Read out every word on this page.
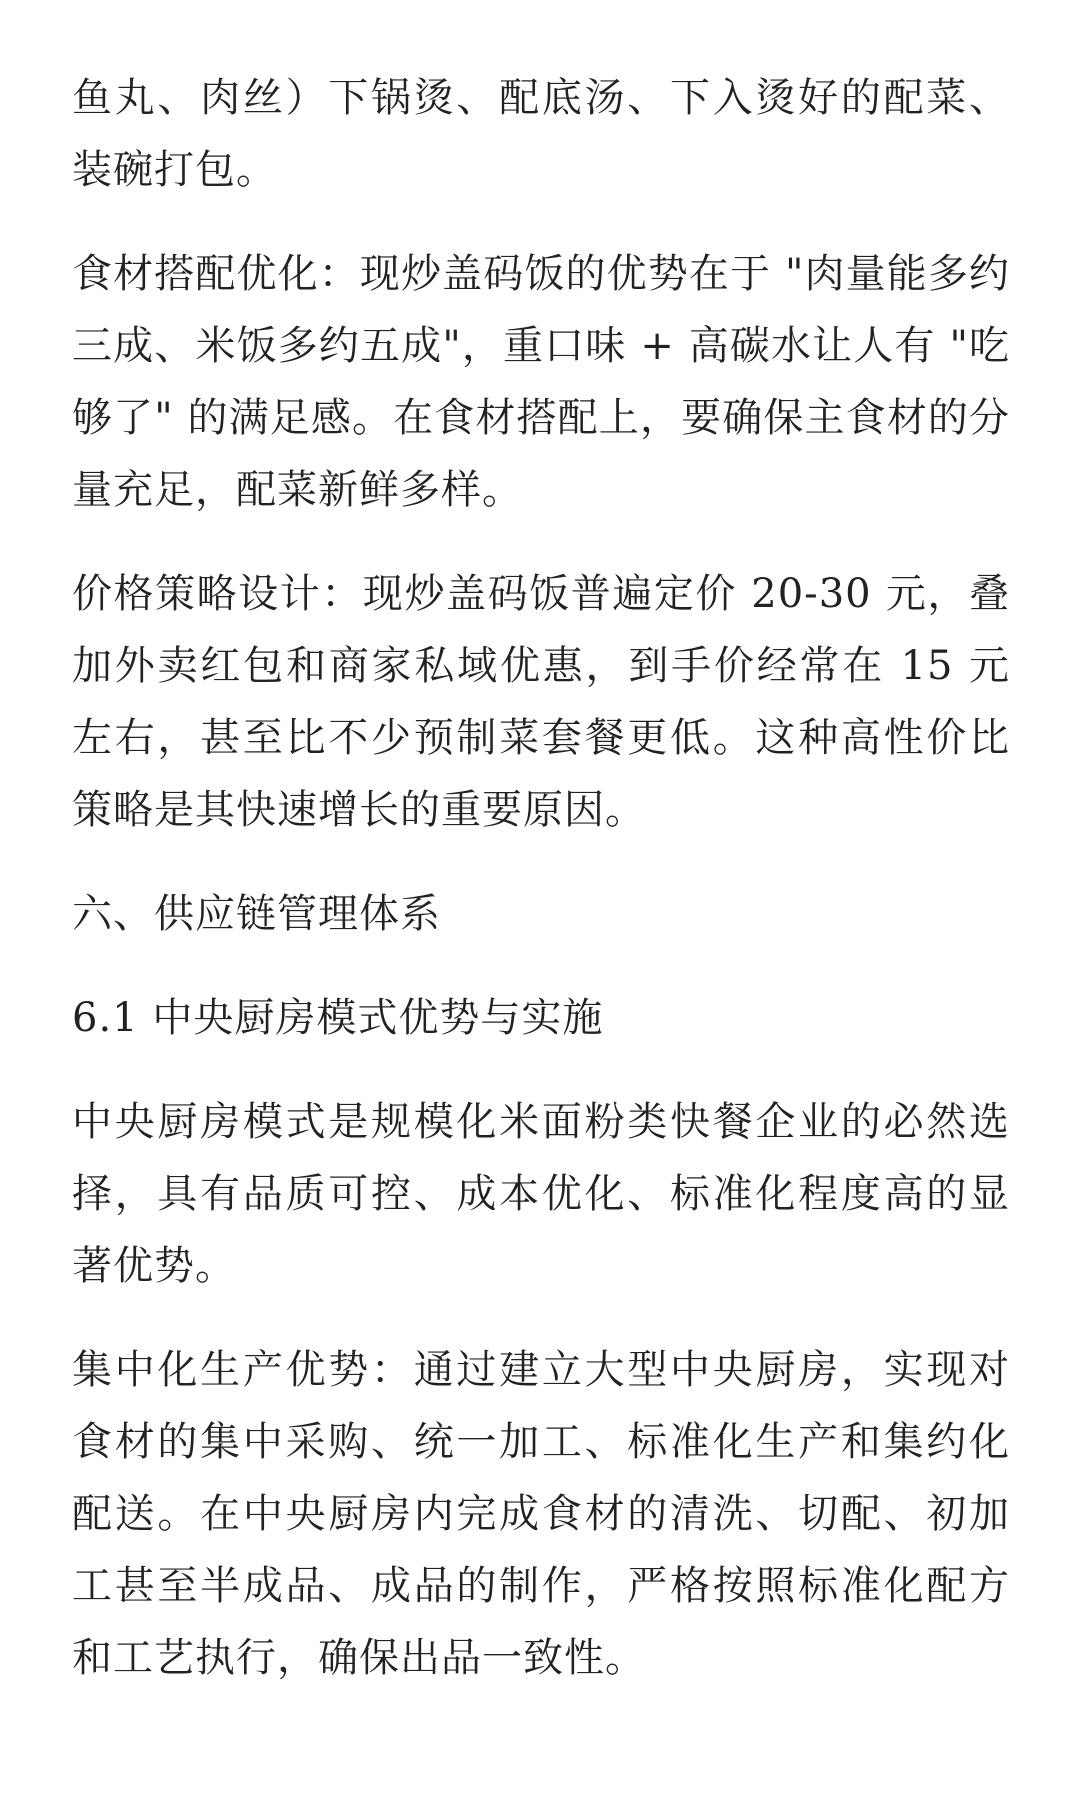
鱼丸、肉丝）下锅烫、配底汤、下入烫好的配菜、装碗打包。

食材搭配优化：现炒盖码饭的优势在于 "肉量能多约三成、米饭多约五成"，重口味 + 高碳水让人有 "吃够了" 的满足感。在食材搭配上，要确保主食材的分量充足，配菜新鲜多样。

价格策略设计：现炒盖码饭普遍定价 20-30 元，叠加外卖红包和商家私域优惠，到手价经常在 15 元左右，甚至比不少预制菜套餐更低。这种高性价比策略是其快速增长的重要原因。

六、供应链管理体系

6.1 中央厨房模式优势与实施

中央厨房模式是规模化米面粉类快餐企业的必然选择，具有品质可控、成本优化、标准化程度高的显著优势。

集中化生产优势：通过建立大型中央厨房，实现对食材的集中采购、统一加工、标准化生产和集约化配送。在中央厨房内完成食材的清洗、切配、初加工甚至半成品、成品的制作，严格按照标准化配方和工艺执行，确保出品一致性。
